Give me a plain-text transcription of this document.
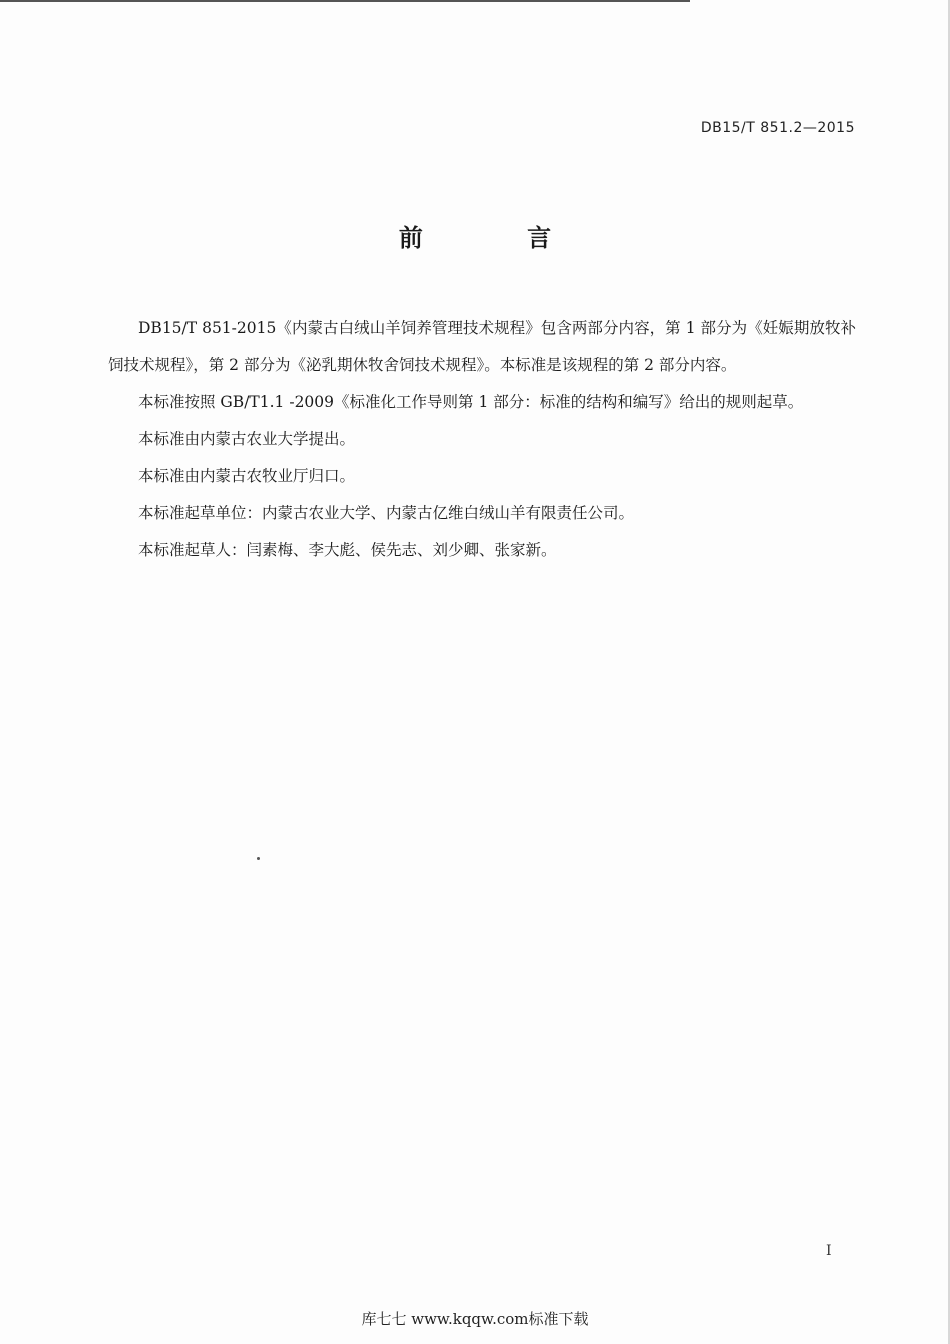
DB15/T 851.2—2015
前 言

DB15/T 851-2015《内蒙古白绒山羊饲养管理技术规程》包含两部分内容，第 1 部分为《妊娠期放牧补饲技术规程》，第 2 部分为《泌乳期休牧舍饲技术规程》。本标准是该规程的第 2 部分内容。

本标准按照 GB/T1.1 -2009《标准化工作导则第 1 部分：标准的结构和编写》给出的规则起草。

本标准由内蒙古农业大学提出。

本标准由内蒙古农牧业厅归口。

本标准起草单位：内蒙古农业大学、内蒙古亿维白绒山羊有限责任公司。

本标准起草人：闫素梅、李大彪、侯先志、刘少卿、张家新。

I
库七七 www.kqqw.com标准下载
